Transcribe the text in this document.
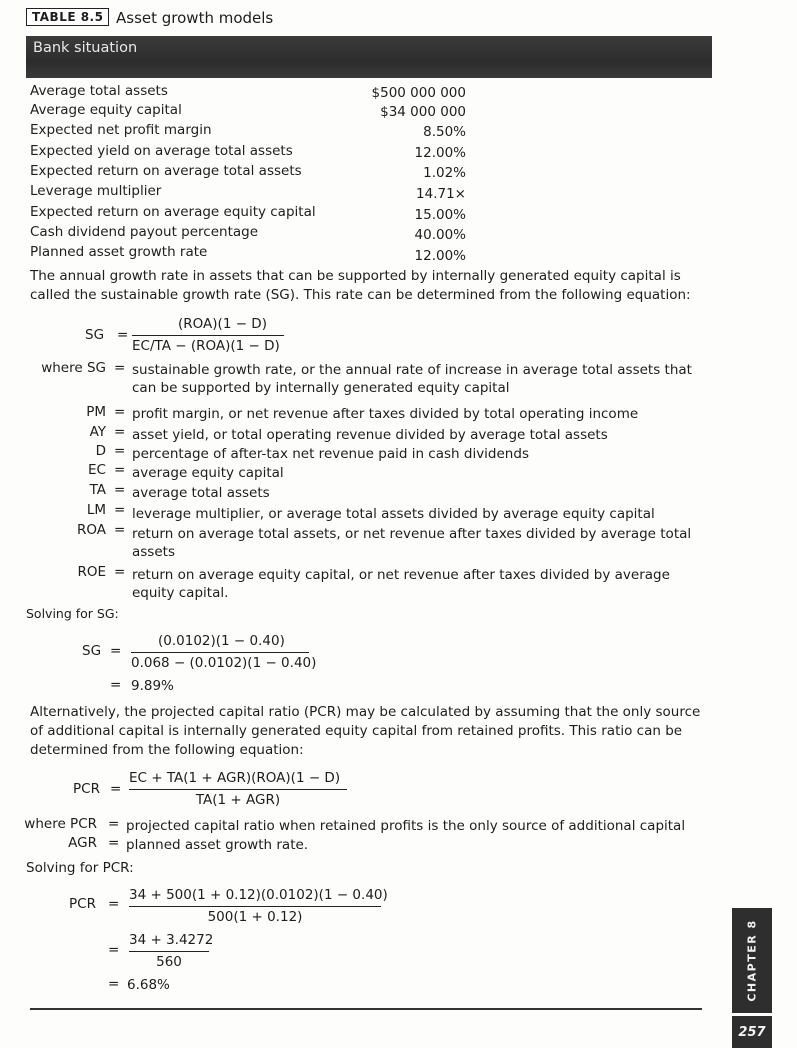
TABLE 8.5 Asset growth models
Bank situation
Average total assets	$500 000 000
Average equity capital	$34 000 000
Expected net profit margin	8.50%
Expected yield on average total assets	12.00%
Expected return on average total assets	1.02%
Leverage multiplier	14.71×
Expected return on average equity capital	15.00%
Cash dividend payout percentage	40.00%
Planned asset growth rate	12.00%
The annual growth rate in assets that can be supported by internally generated equity capital is called the sustainable growth rate (SG). This rate can be determined from the following equation:
SG =
(ROA)(1 − D)
EC/TA − (ROA)(1 − D)
where SG = sustainable growth rate, or the annual rate of increase in average total assets that can be supported by internally generated equity capital
PM = profit margin, or net revenue after taxes divided by total operating income
AY = asset yield, or total operating revenue divided by average total assets
D = percentage of after-tax net revenue paid in cash dividends
EC = average equity capital
TA = average total assets
LM = leverage multiplier, or average total assets divided by average equity capital
ROA = return on average total assets, or net revenue after taxes divided by average total assets
ROE = return on average equity capital, or net revenue after taxes divided by average equity capital.
Solving for SG:
SG =
(0.0102)(1 − 0.40)
0.068 − (0.0102)(1 − 0.40)
= 9.89%
Alternatively, the projected capital ratio (PCR) may be calculated by assuming that the only source of additional capital is internally generated equity capital from retained profits. This ratio can be determined from the following equation:
PCR =
EC + TA(1 + AGR)(ROA)(1 − D)
TA(1 + AGR)
where PCR = projected capital ratio when retained profits is the only source of additional capital
AGR = planned asset growth rate.
Solving for PCR:
PCR =
34 + 500(1 + 0.12)(0.0102)(1 − 0.40)
500(1 + 0.12)
=
34 + 3.4272
560
= 6.68%	CHAPTER 8
257
